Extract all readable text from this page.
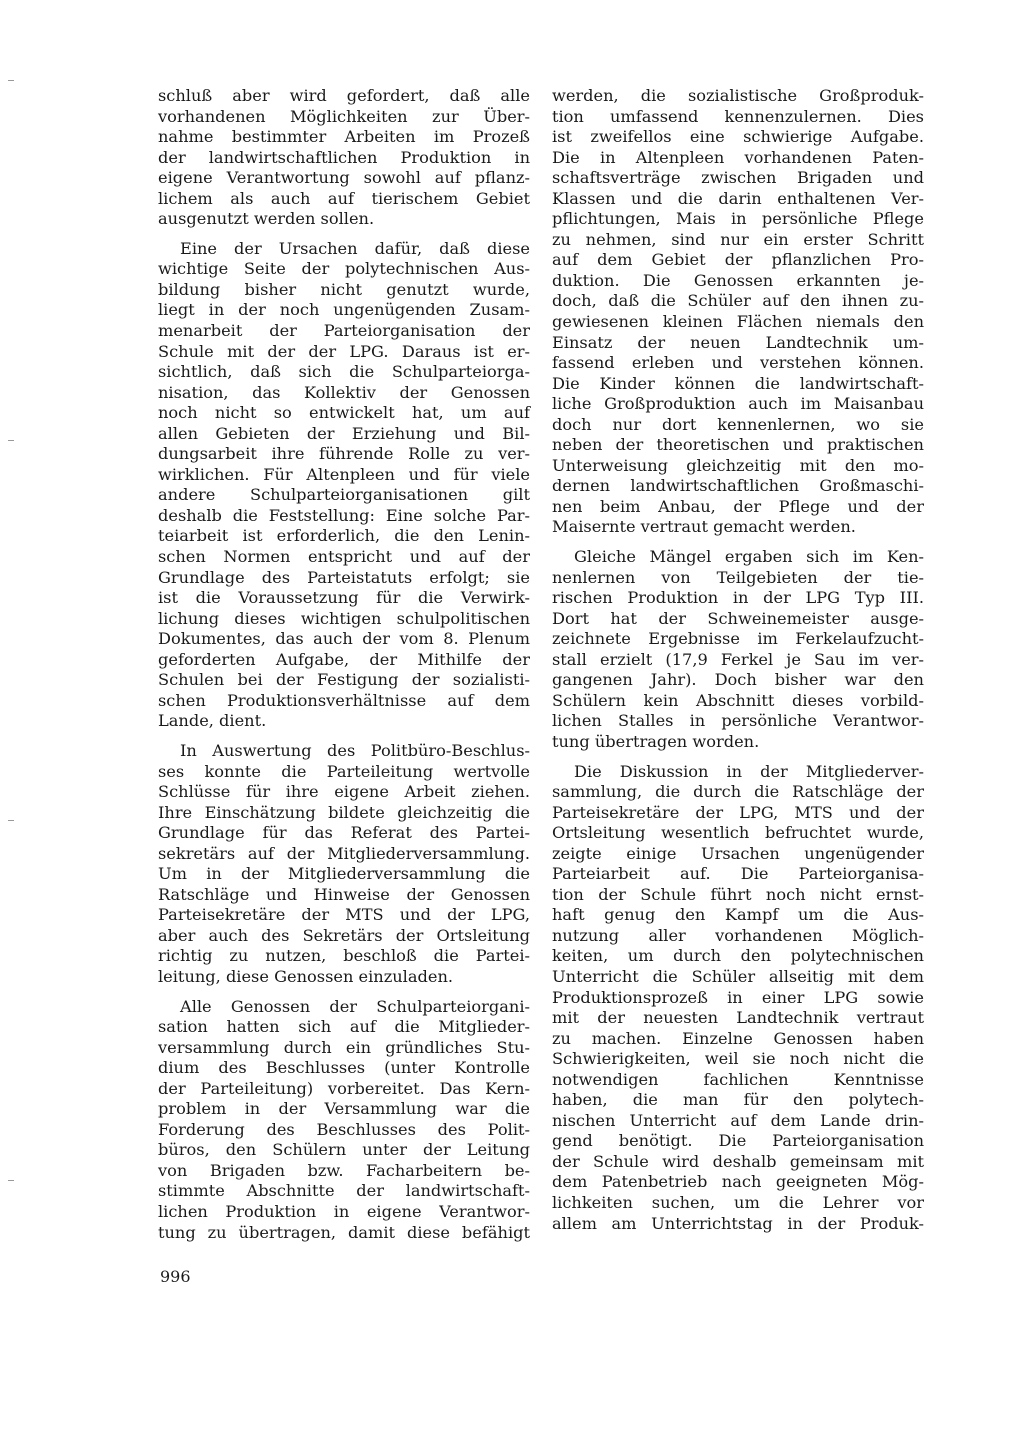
schluß aber wird gefordert, daß alle
vorhandenen Möglichkeiten zur Über-
nahme bestimmter Arbeiten im Prozeß
der landwirtschaftlichen Produktion in
eigene Verantwortung sowohl auf pflanz-
lichem als auch auf tierischem Gebiet
ausgenutzt werden sollen.
Eine der Ursachen dafür, daß diese
wichtige Seite der polytechnischen Aus-
bildung bisher nicht genutzt wurde,
liegt in der noch ungenügenden Zusam-
menarbeit der Parteiorganisation der
Schule mit der der LPG. Daraus ist er-
sichtlich, daß sich die Schulparteiorga-
nisation, das Kollektiv der Genossen
noch nicht so entwickelt hat, um auf
allen Gebieten der Erziehung und Bil-
dungsarbeit ihre führende Rolle zu ver-
wirklichen. Für Altenpleen und für viele
andere Schulparteiorganisationen gilt
deshalb die Feststellung: Eine solche Par-
teiarbeit ist erforderlich, die den Lenin-
schen Normen entspricht und auf der
Grundlage des Parteistatuts erfolgt; sie
ist die Voraussetzung für die Verwirk-
lichung dieses wichtigen schulpolitischen
Dokumentes, das auch der vom 8. Plenum
geforderten Aufgabe, der Mithilfe der
Schulen bei der Festigung der sozialisti-
schen Produktionsverhältnisse auf dem
Lande, dient.
In Auswertung des Politbüro-Beschlus-
ses konnte die Parteileitung wertvolle
Schlüsse für ihre eigene Arbeit ziehen.
Ihre Einschätzung bildete gleichzeitig die
Grundlage für das Referat des Partei-
sekretärs auf der Mitgliederversammlung.
Um in der Mitgliederversammlung die
Ratschläge und Hinweise der Genossen
Parteisekretäre der MTS und der LPG,
aber auch des Sekretärs der Ortsleitung
richtig zu nutzen, beschloß die Partei-
leitung, diese Genossen einzuladen.
Alle Genossen der Schulparteiorgani-
sation hatten sich auf die Mitglieder-
versammlung durch ein gründliches Stu-
dium des Beschlusses (unter Kontrolle
der Parteileitung) vorbereitet. Das Kern-
problem in der Versammlung war die
Forderung des Beschlusses des Polit-
büros, den Schülern unter der Leitung
von Brigaden bzw. Facharbeitern be-
stimmte Abschnitte der landwirtschaft-
lichen Produktion in eigene Verantwor-
tung zu übertragen, damit diese befähigt
werden, die sozialistische Großproduk-
tion umfassend kennenzulernen. Dies
ist zweifellos eine schwierige Aufgabe.
Die in Altenpleen vorhandenen Paten-
schaftsverträge zwischen Brigaden und
Klassen und die darin enthaltenen Ver-
pflichtungen, Mais in persönliche Pflege
zu nehmen, sind nur ein erster Schritt
auf dem Gebiet der pflanzlichen Pro-
duktion. Die Genossen erkannten je-
doch, daß die Schüler auf den ihnen zu-
gewiesenen kleinen Flächen niemals den
Einsatz der neuen Landtechnik um-
fassend erleben und verstehen können.
Die Kinder können die landwirtschaft-
liche Großproduktion auch im Maisanbau
doch nur dort kennenlernen, wo sie
neben der theoretischen und praktischen
Unterweisung gleichzeitig mit den mo-
dernen landwirtschaftlichen Großmaschi-
nen beim Anbau, der Pflege und der
Maisernte vertraut gemacht werden.
Gleiche Mängel ergaben sich im Ken-
nenlernen von Teilgebieten der tie-
rischen Produktion in der LPG Typ III.
Dort hat der Schweinemeister ausge-
zeichnete Ergebnisse im Ferkelaufzucht-
stall erzielt (17,9 Ferkel je Sau im ver-
gangenen Jahr). Doch bisher war den
Schülern kein Abschnitt dieses vorbild-
lichen Stalles in persönliche Verantwor-
tung übertragen worden.
Die Diskussion in der Mitgliederver-
sammlung, die durch die Ratschläge der
Parteisekretäre der LPG, MTS und der
Ortsleitung wesentlich befruchtet wurde,
zeigte einige Ursachen ungenügender
Parteiarbeit auf. Die Parteiorganisa-
tion der Schule führt noch nicht ernst-
haft genug den Kampf um die Aus-
nutzung aller vorhandenen Möglich-
keiten, um durch den polytechnischen
Unterricht die Schüler allseitig mit dem
Produktionsprozeß in einer LPG sowie
mit der neuesten Landtechnik vertraut
zu machen. Einzelne Genossen haben
Schwierigkeiten, weil sie noch nicht die
notwendigen fachlichen Kenntnisse
haben, die man für den polytech-
nischen Unterricht auf dem Lande drin-
gend benötigt. Die Parteiorganisation
der Schule wird deshalb gemeinsam mit
dem Patenbetrieb nach geeigneten Mög-
lichkeiten suchen, um die Lehrer vor
allem am Unterrichtstag in der Produk-
996
